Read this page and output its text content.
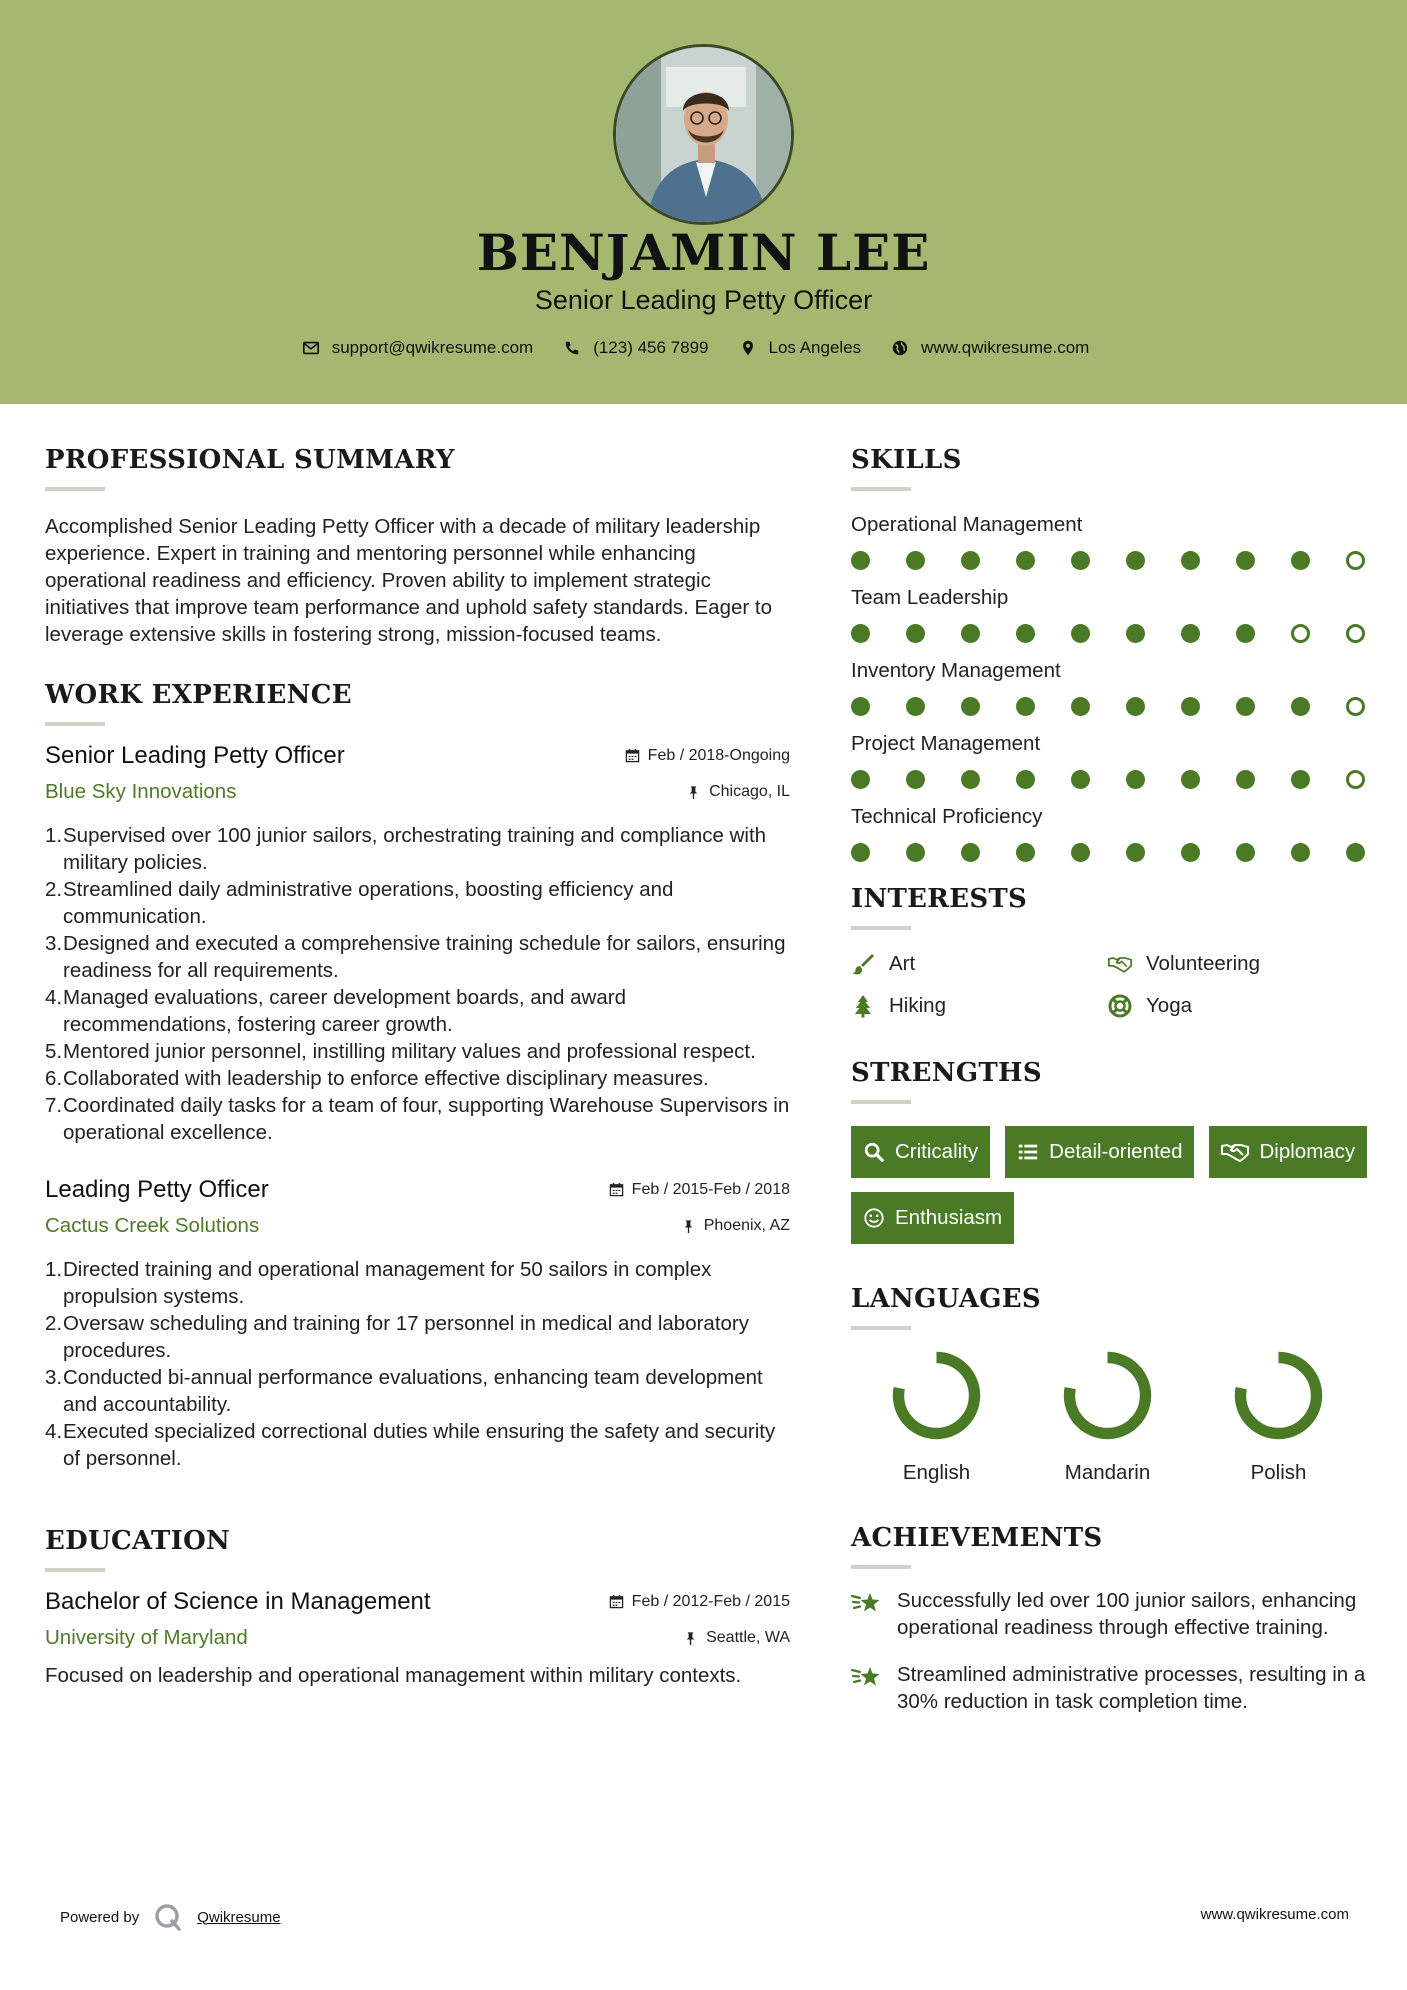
BENJAMIN LEE
Senior Leading Petty Officer
support@qwikresume.com	(123) 456 7899	Los Angeles	www.qwikresume.com
PROFESSIONAL SUMMARY
Accomplished Senior Leading Petty Officer with a decade of military leadership experience. Expert in training and mentoring personnel while enhancing operational readiness and efficiency. Proven ability to implement strategic initiatives that improve team performance and uphold safety standards. Eager to leverage extensive skills in fostering strong, mission-focused teams.
WORK EXPERIENCE
Senior Leading Petty Officer	Feb / 2018-Ongoing
Blue Sky Innovations	Chicago, IL
1. Supervised over 100 junior sailors, orchestrating training and compliance with military policies.
2. Streamlined daily administrative operations, boosting efficiency and communication.
3. Designed and executed a comprehensive training schedule for sailors, ensuring readiness for all requirements.
4. Managed evaluations, career development boards, and award recommendations, fostering career growth.
5. Mentored junior personnel, instilling military values and professional respect.
6. Collaborated with leadership to enforce effective disciplinary measures.
7. Coordinated daily tasks for a team of four, supporting Warehouse Supervisors in operational excellence.
Leading Petty Officer	Feb / 2015-Feb / 2018
Cactus Creek Solutions	Phoenix, AZ
1. Directed training and operational management for 50 sailors in complex propulsion systems.
2. Oversaw scheduling and training for 17 personnel in medical and laboratory procedures.
3. Conducted bi-annual performance evaluations, enhancing team development and accountability.
4. Executed specialized correctional duties while ensuring the safety and security of personnel.
EDUCATION
Bachelor of Science in Management	Feb / 2012-Feb / 2015
University of Maryland	Seattle, WA
Focused on leadership and operational management within military contexts.
SKILLS
Operational Management
Team Leadership
Inventory Management
Project Management
Technical Proficiency
INTERESTS
Art	Volunteering
Hiking	Yoga
STRENGTHS
Criticality	Detail-oriented	Diplomacy
Enthusiasm
LANGUAGES
English	Mandarin	Polish
ACHIEVEMENTS
Successfully led over 100 junior sailors, enhancing operational readiness through effective training.
Streamlined administrative processes, resulting in a 30% reduction in task completion time.
Powered by	Qwikresume	www.qwikresume.com
